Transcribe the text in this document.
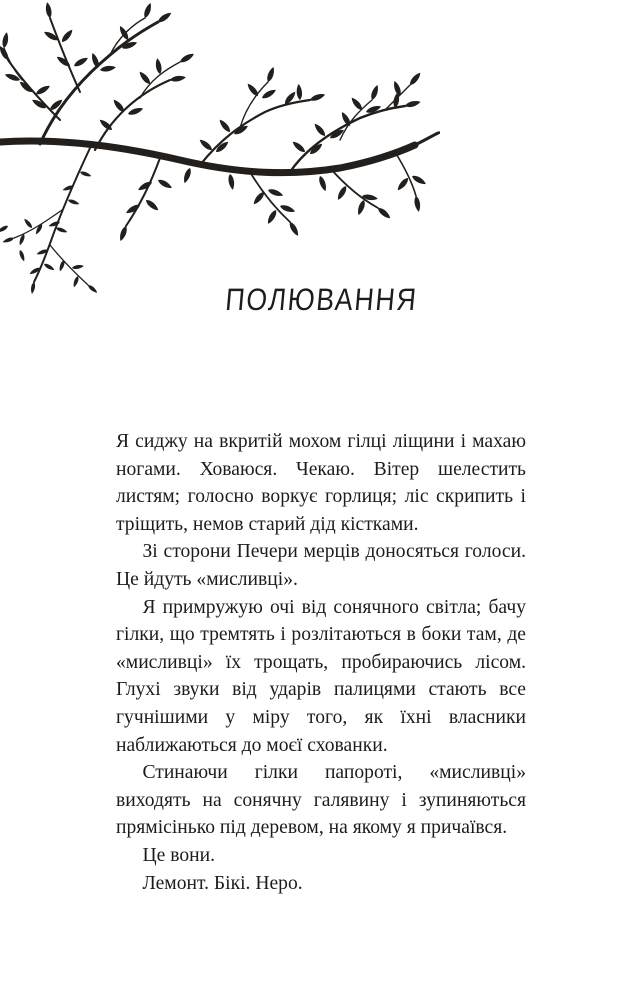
ПОЛЮВАННЯ

Я сиджу на вкритій мохом гілці ліщини і махаю ногами. Ховаюся. Чекаю. Вітер шелестить листям; голосно воркує горлиця; ліс скрипить і тріщить, немов старий дід кістками.

Зі сторони Печери мерців доносяться голоси. Це йдуть «мисливці».

Я примружую очі від сонячного світла; бачу гілки, що тремтять і розлітаються в боки там, де «мисливці» їх трощать, пробираючись лісом. Глухі звуки від ударів палицями стають все гучнішими у міру того, як їхні власники наближаються до моєї схованки.

Стинаючи гілки папороті, «мисливці» виходять на сонячну галявину і зупиняються прямісінько під деревом, на якому я причаївся.

Це вони.

Лемонт. Бікі. Неро.
